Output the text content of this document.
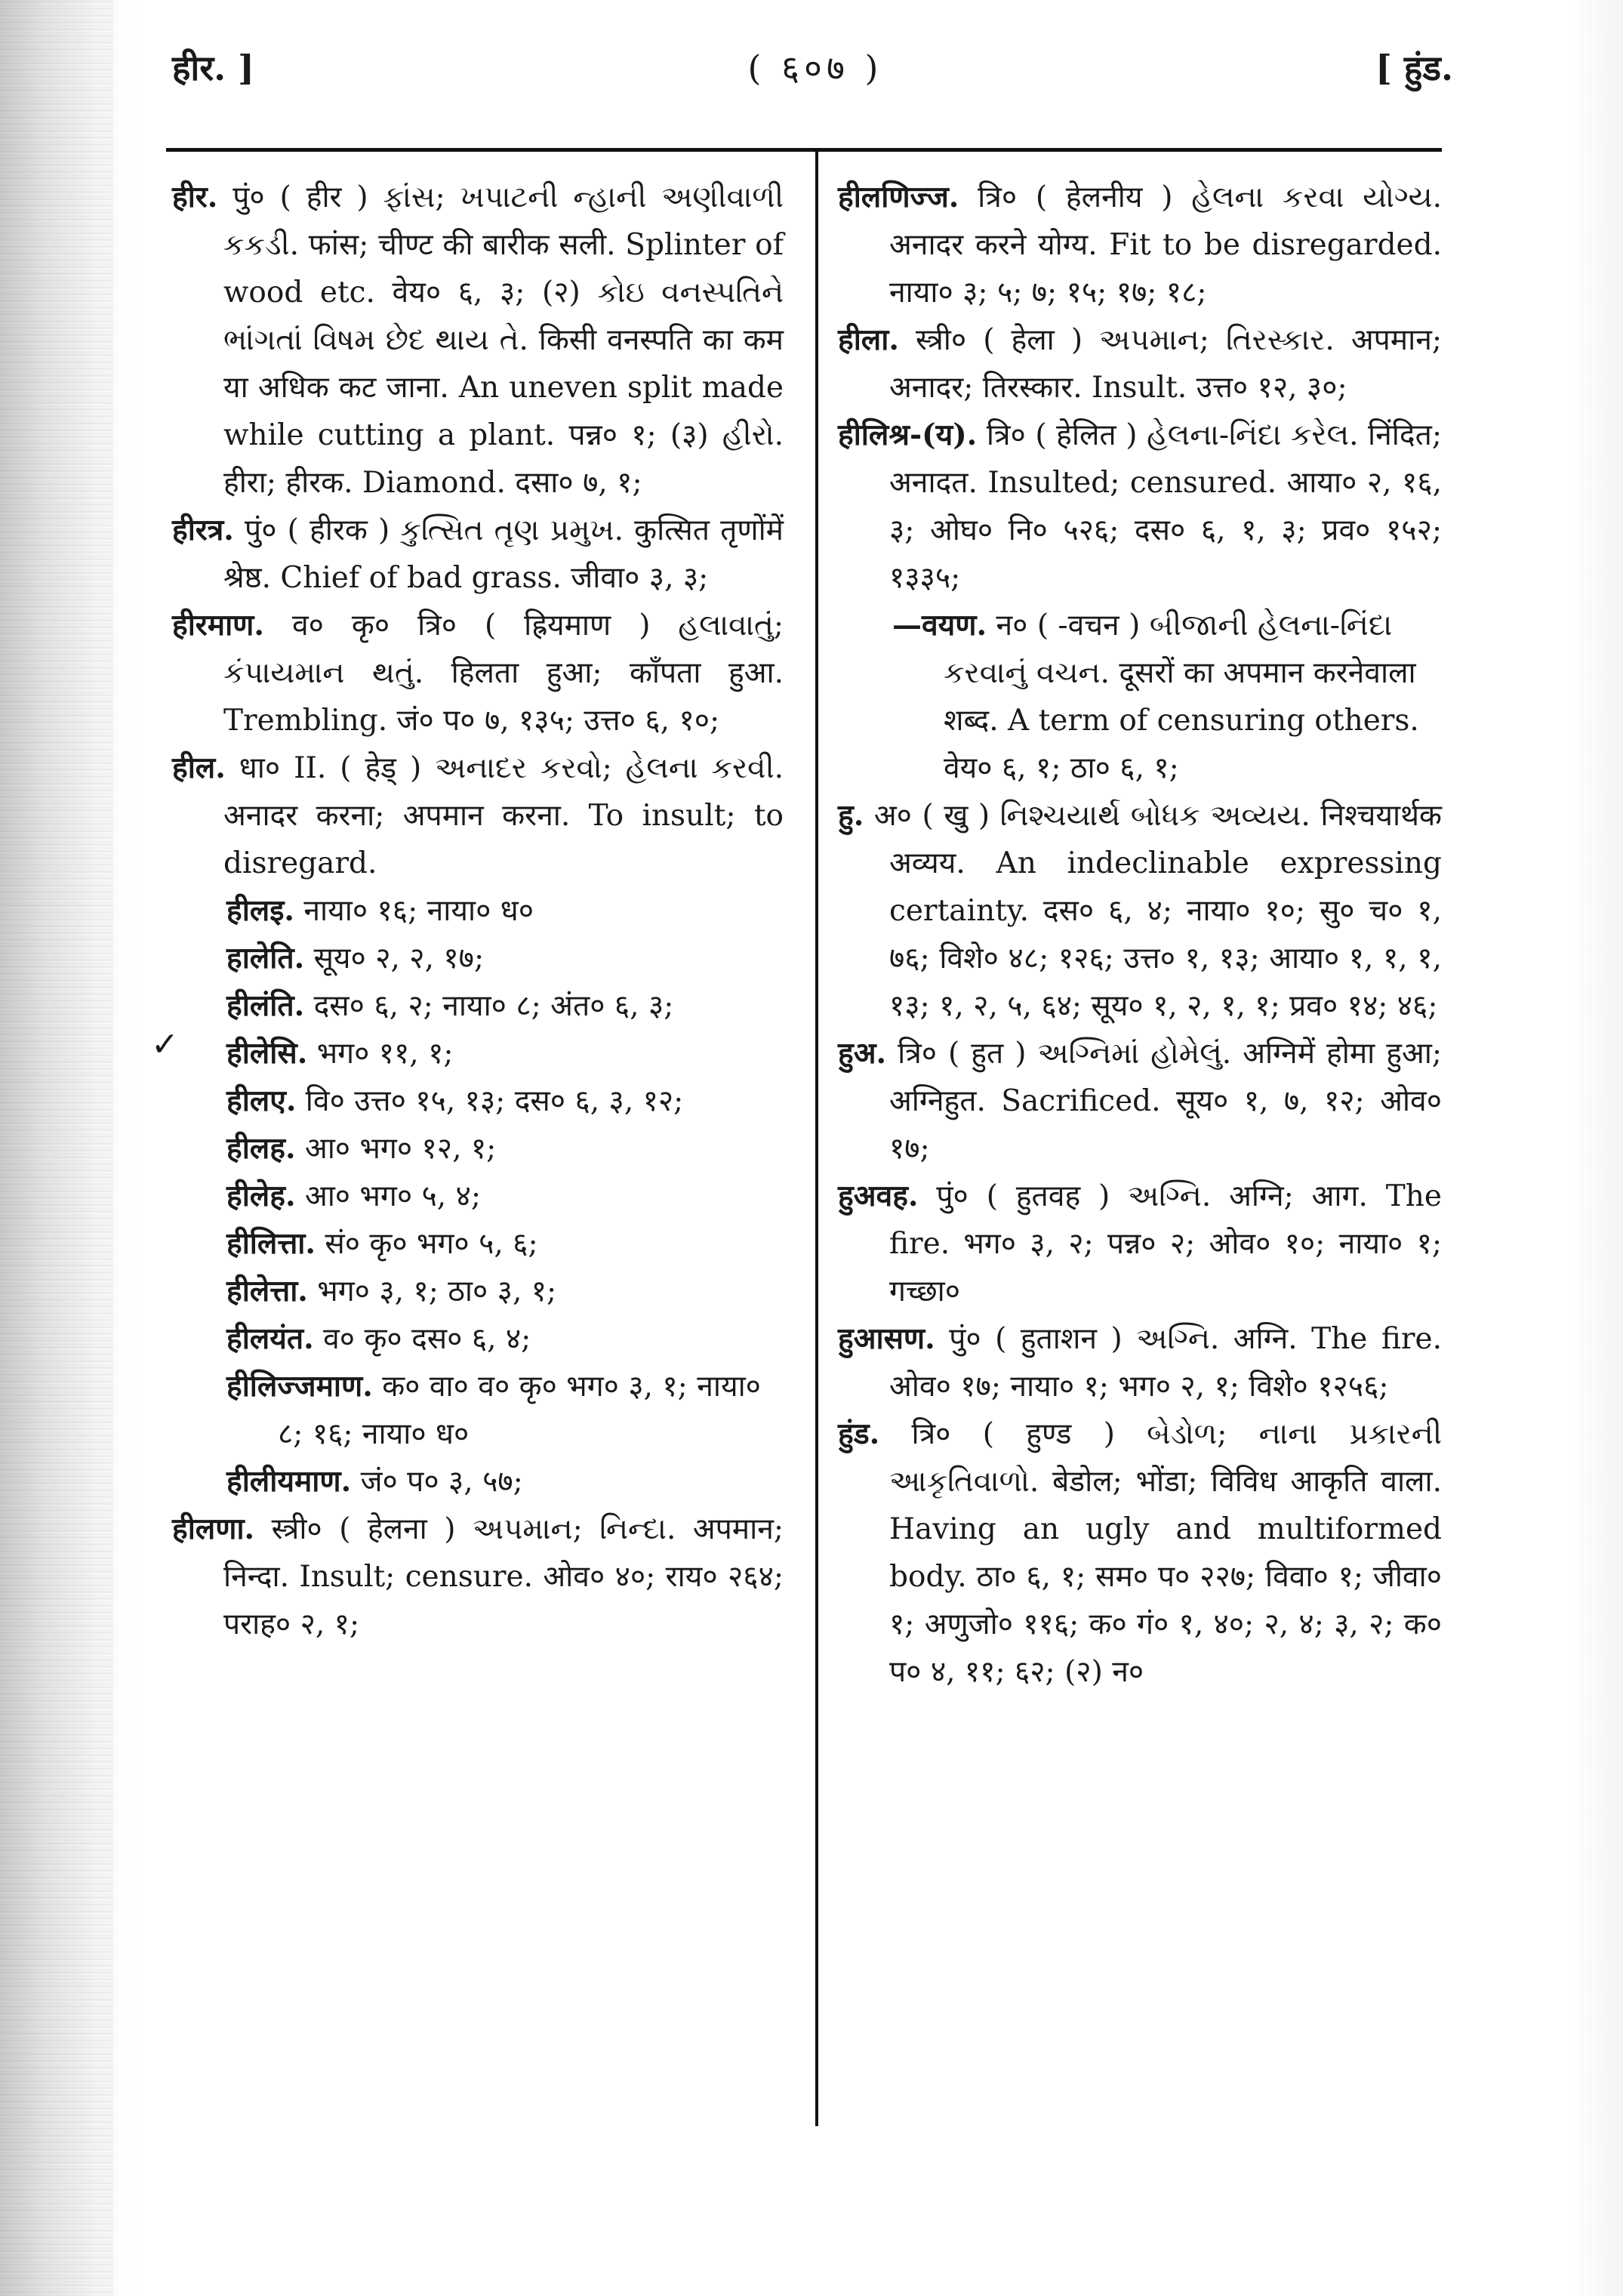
हीर. ]	( ६०७ )	[ हुंड.
✓

हीर. पुं० ( हीर ) ફાંસ; ખપાટની ન્હાની અણીવાળી કકડી. फांस; चीण्ट की बारीक सली. Splinter of wood etc. वेय० ६, ३; (२) કોઇ વનસ્પતિને ભાંગતાં વિષમ છેદ થાય તે. किसी वनस्पति का कम या अधिक कट जाना. An uneven split made while cutting a plant. पन्न० १; (३) હીરો. हीरा; हीरक. Diamond. दसा० ७, १;

हीरत्र. पुं० ( हीरक ) કુત્સિત તૃણ પ્રમુખ. कुत्सित तृणोंमें श्रेष्ठ. Chief of bad grass. जीवा० ३, ३;

हीरमाण. व० कृ० त्रि० ( ह्रियमाण ) હલાવાતું; કંપાયમાન થતું. हिलता हुआ; कॉंपता हुआ. Trembling. जं० प० ७, १३५; उत्त० ६, १०;

हील. धा० II. ( हेड् ) અનાદર કરવો; હેલના કરવી. अनादर करना; अपमान करना. To insult; to disregard.

हीलइ. नाया० १६; नाया० ध०

हालेति. सूय० २, २, १७;

हीलंति. दस० ६, २; नाया० ८; अंत० ६, ३;

हीलेसि. भग० ११, १;

हीलए. वि० उत्त० १५, १३; दस० ६, ३, १२;

हीलह. आ० भग० १२, १;

हीलेह. आ० भग० ५, ४;

हीलित्ता. सं० कृ० भग० ५, ६;

हीलेत्ता. भग० ३, १; ठा० ३, १;

हीलयंत. व० कृ० दस० ६, ४;

हीलिज्जमाण. क० वा० व० कृ० भग० ३, १; नाया० ८; १६; नाया० ध०

हीलीयमाण. जं० प० ३, ५७;

हीलणा. स्त्री० ( हेलना ) અપમાન; નિન્દા. अपमान; निन्दा. Insult; censure. ओव० ४०; राय० २६४; पराह० २, १;

हीलणिज्ज. त्रि० ( हेलनीय ) હેલના કરવા યોગ્ય. अनादर करने योग्य. Fit to be disregarded. नाया० ३; ५; ७; १५; १७; १८;

हीला. स्त्री० ( हेला ) અપમાન; તિરસ્કાર. अपमान; अनादर; तिरस्कार. Insult. उत्त० १२, ३०;

हीलिश्र-(य). त्रि० ( हेलित ) હેલના-નિંદા કરેલ. निंदित; अनादत. Insulted; censured. आया० २, १६, ३; ओघ० नि० ५२६; दस० ६, १, ३; प्रव० १५२; १३३५;

—वयण. न० ( -वचन ) બીજાની હેલના-નિંદા કરવાનું વચન. दूसरों का अपमान करनेवाला शब्द. A term of censuring others. वेय० ६, १; ठा० ६, १;

हु. अ० ( खु ) નિશ્ચયાર્થ બોધક અવ્યય. निश्चयार्थक अव्यय. An indeclinable expressing certainty. दस० ६, ४; नाया० १०; सु० च० १, ७६; विशे० ४८; १२६; उत्त० १, १३; आया० १, १, १, १३; १, २, ५, ६४; सूय० १, २, १, १; प्रव० १४; ४६;

हुअ. त्रि० ( हुत ) અગ્નિમાં હોમેલું. अग्निमें होमा हुआ; अग्निहुत. Sacrificed. सूय० १, ७, १२; ओव० १७;

हुअवह. पुं० ( हुतवह ) અગ્નિ. अग्नि; आग. The fire. भग० ३, २; पन्न० २; ओव० १०; नाया० १; गच्छा०

हुआसण. पुं० ( हुताशन ) અગ્નિ. अग्नि. The fire. ओव० १७; नाया० १; भग० २, १; विशे० १२५६;

हुंड. त्रि० ( हुण्ड ) બેડોળ; નાના પ્રકારની આકૃતિવાળો. बेडोल; भोंडा; विविध आकृति वाला. Having an ugly and multiformed body. ठा० ६, १; सम० प० २२७; विवा० १; जीवा० १; अणुजो० ११६; क० गं० १, ४०; २, ४; ३, २; क० प० ४, ११; ६२; (२) न०
